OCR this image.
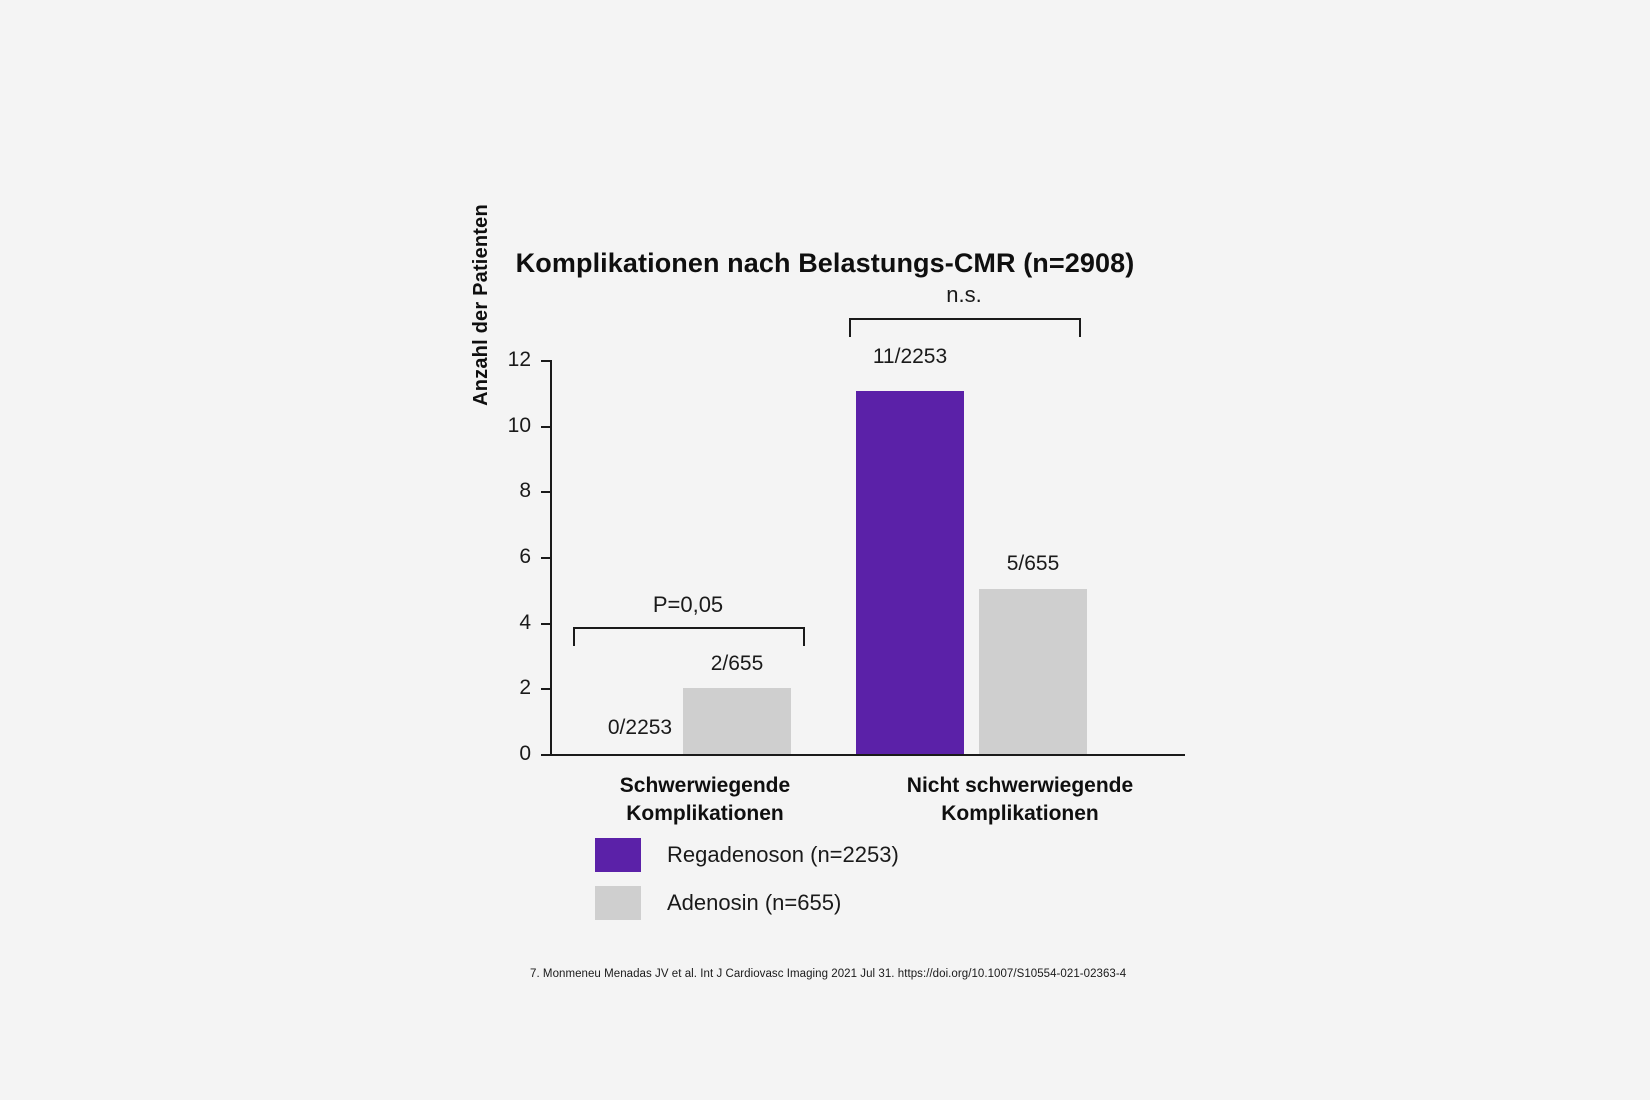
Komplikationen nach Belastungs-CMR (n=2908)
Anzahl der Patienten
0
2
4
6
8
10
12
0/2253
2/655
P=0,05
11/2253
5/655
n.s.
Schwerwiegende
Komplikationen
Nicht schwerwiegende
Komplikationen
Regadenoson (n=2253)
Adenosin (n=655)
7. Monmeneu Menadas JV et al. Int J Cardiovasc Imaging 2021 Jul 31. https://doi.org/10.1007/S10554-021-02363-4
